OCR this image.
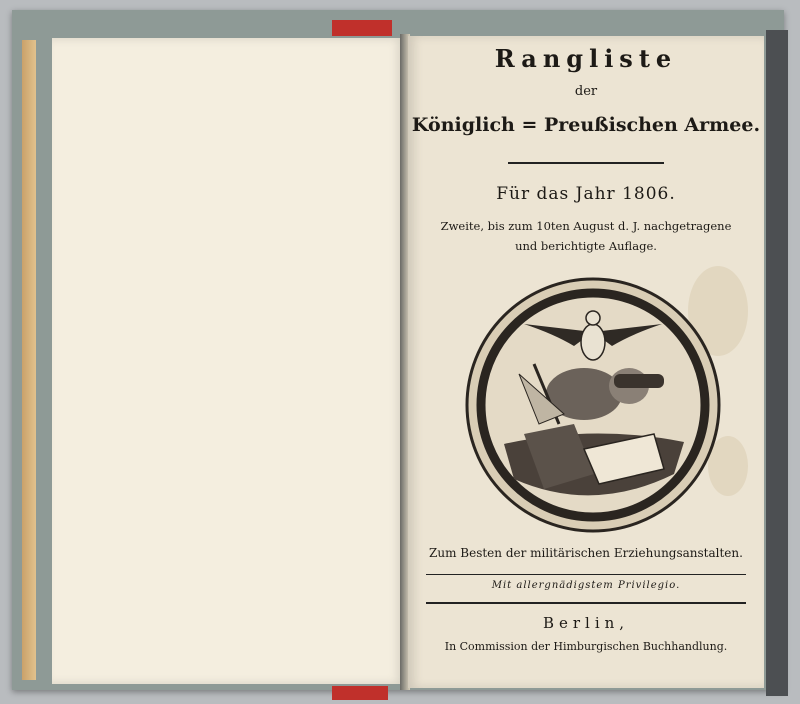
Rangliste
der
Königlich = Preußischen Armee.
Für das Jahr 1806.
Zweite, bis zum 10ten August d. J. nachgetragene
und berichtigte Auflage.
Zum Besten der militärischen Erziehungsanstalten.
Mit allergnädigstem Privilegio.
Berlin,
In Commission der Himburgischen Buchhandlung.
